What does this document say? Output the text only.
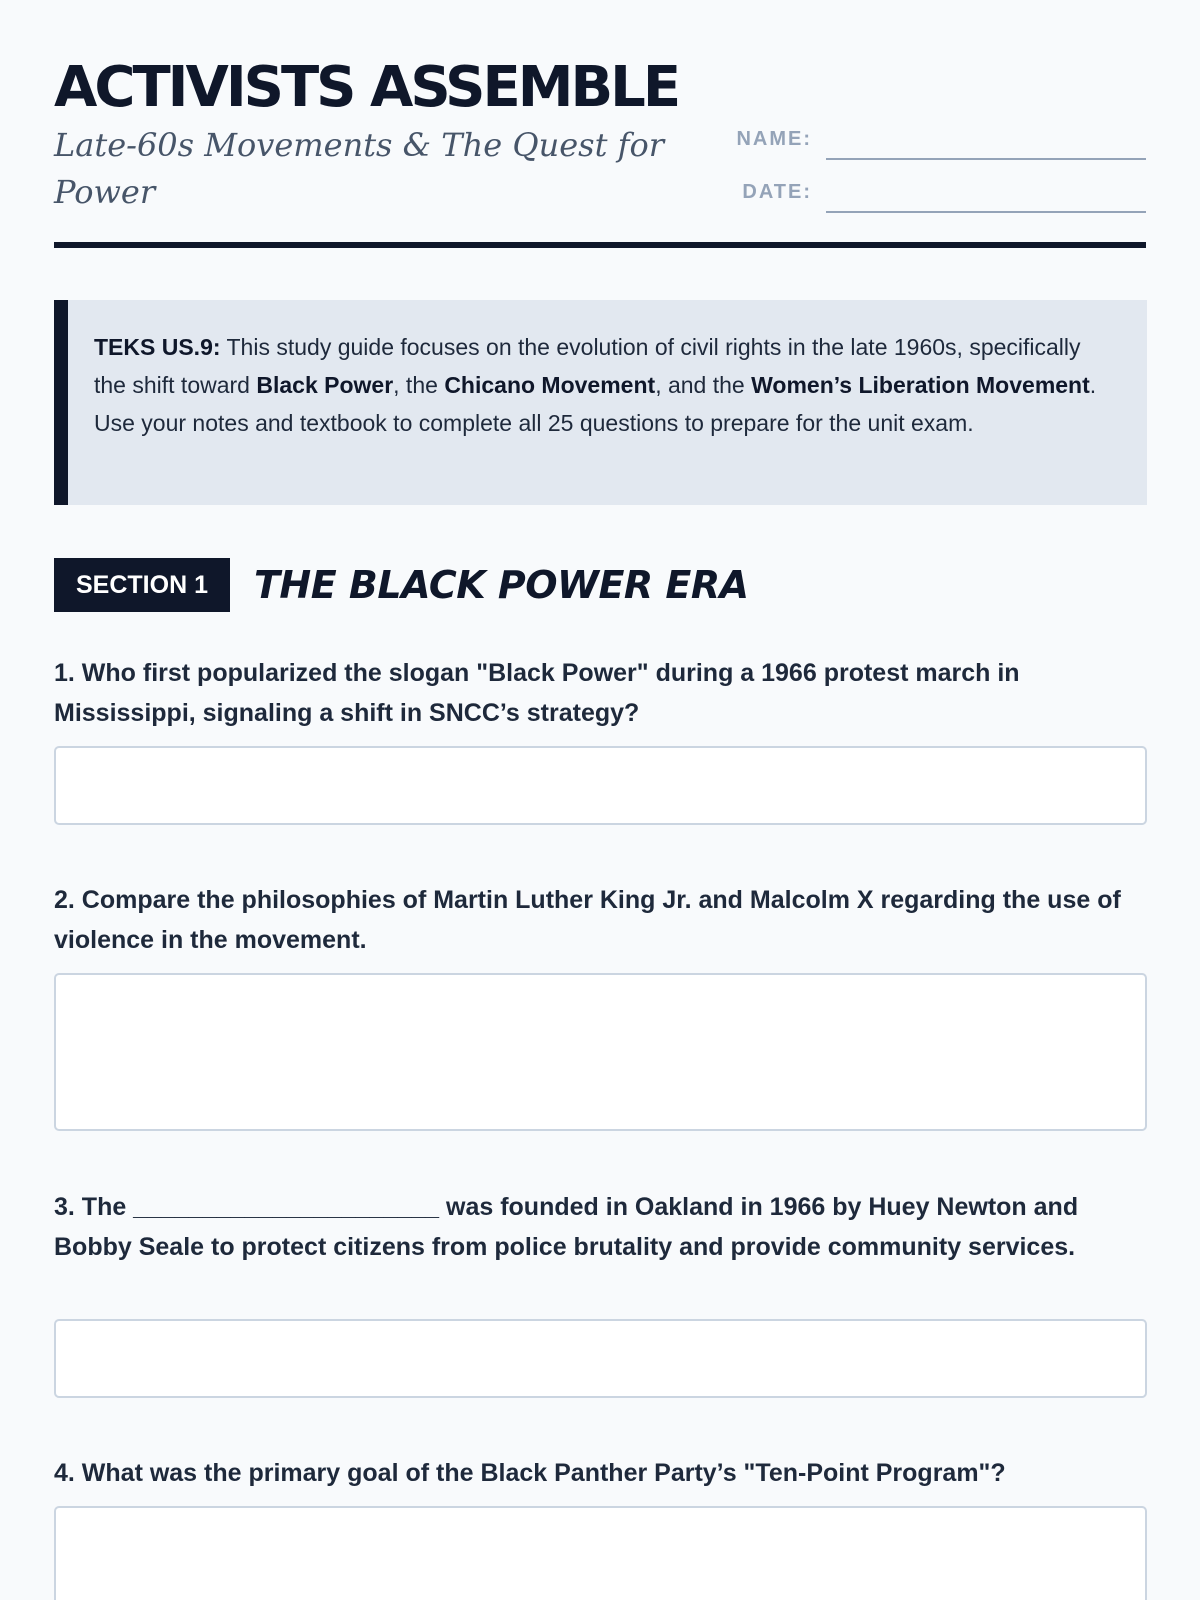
ACTIVISTS ASSEMBLE
Late-60s Movements & The Quest for Power
NAME:
DATE:
TEKS US.9: This study guide focuses on the evolution of civil rights in the late 1960s, specifically the shift toward Black Power, the Chicano Movement, and the Women’s Liberation Movement. Use your notes and textbook to complete all 25 questions to prepare for the unit exam.
SECTION 1	THE BLACK POWER ERA
1. Who first popularized the slogan "Black Power" during a 1966 protest march in Mississippi, signaling a shift in SNCC’s strategy?
2. Compare the philosophies of Martin Luther King Jr. and Malcolm X regarding the use of violence in the movement.
3. The ______________________ was founded in Oakland in 1966 by Huey Newton and Bobby Seale to protect citizens from police brutality and provide community services.
4. What was the primary goal of the Black Panther Party’s "Ten-Point Program"?
